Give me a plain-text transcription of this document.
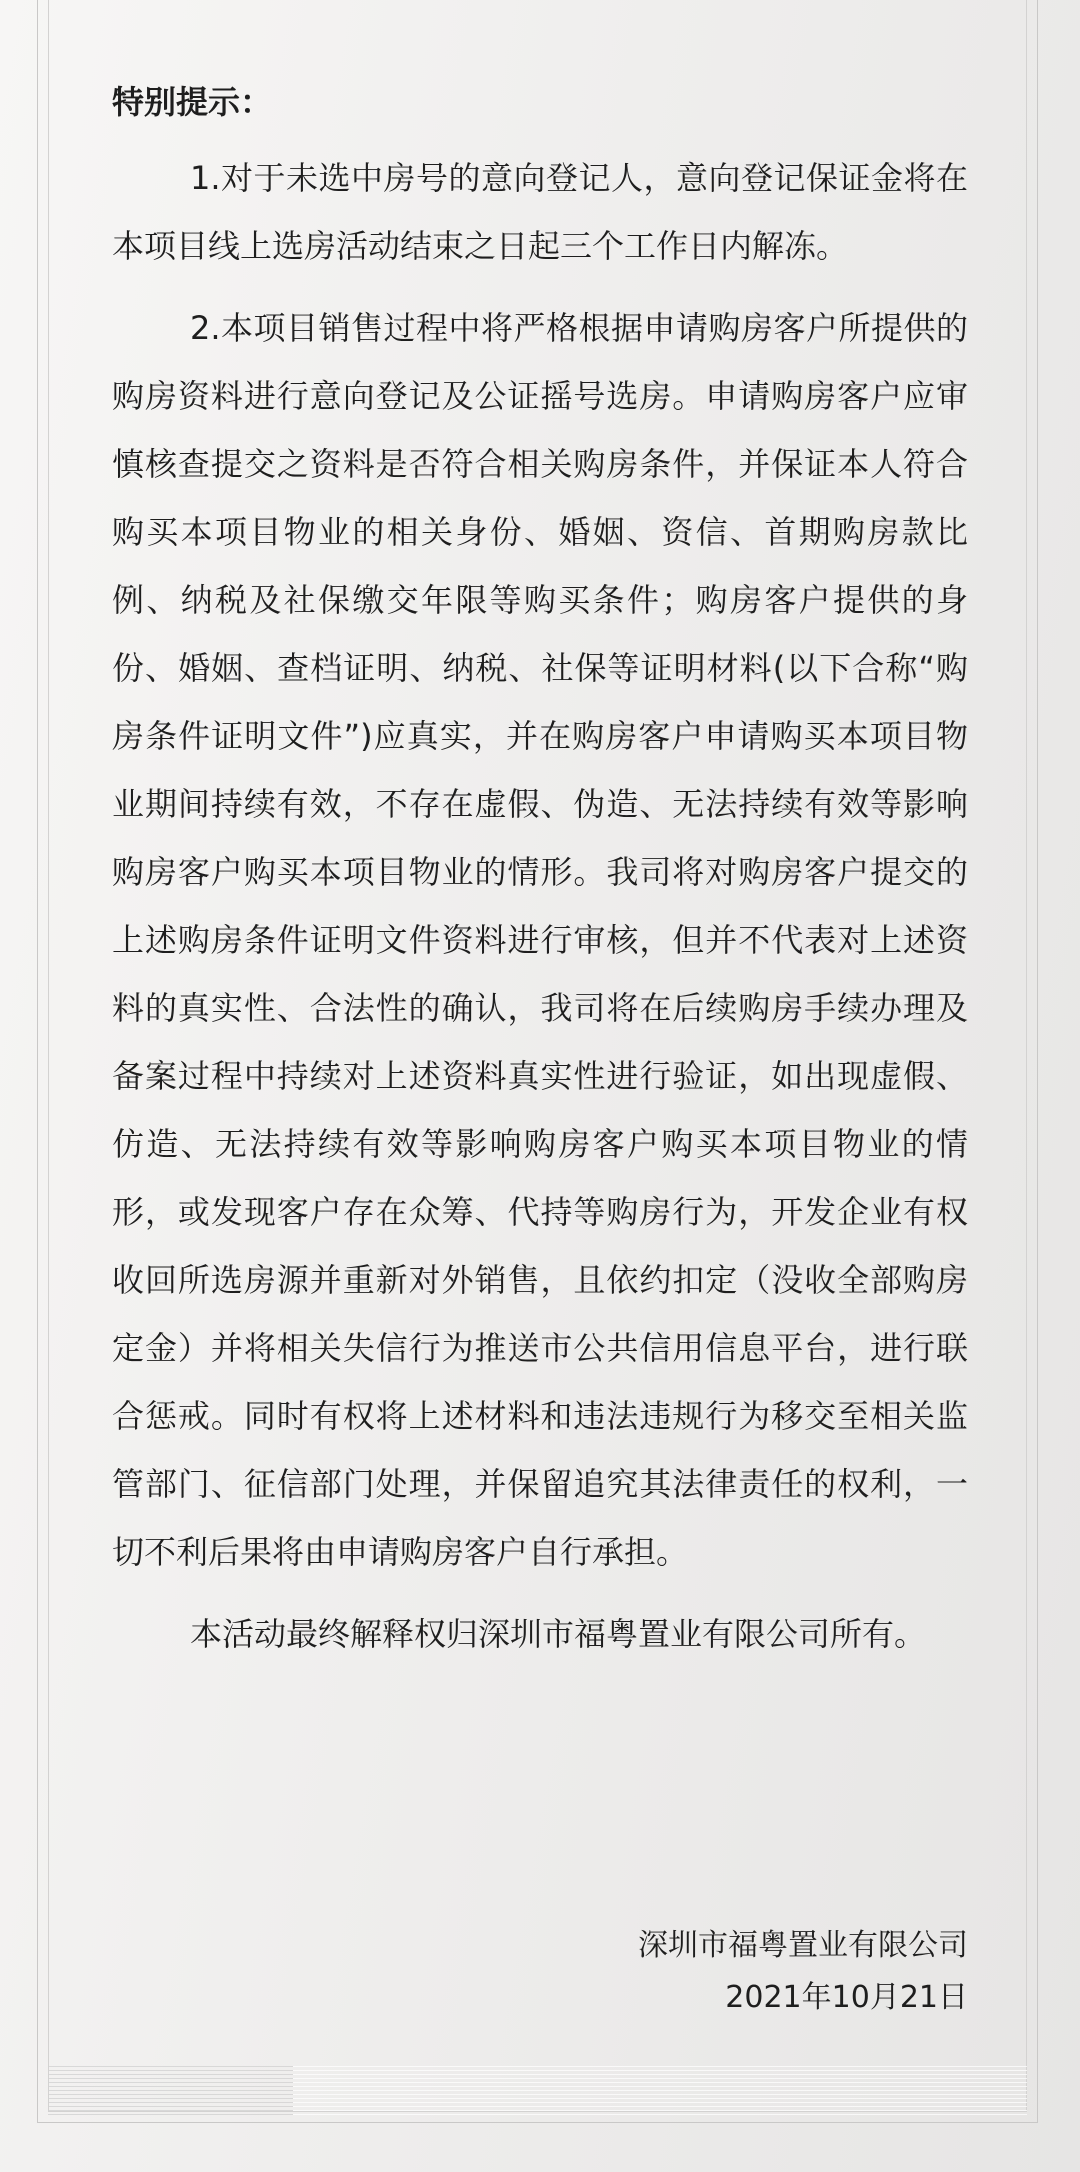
特别提示：

1.对于未选中房号的意向登记人，意向登记保证金将在本项目线上选房活动结束之日起三个工作日内解冻。

2.本项目销售过程中将严格根据申请购房客户所提供的购房资料进行意向登记及公证摇号选房。申请购房客户应审慎核查提交之资料是否符合相关购房条件，并保证本人符合购买本项目物业的相关身份、婚姻、资信、首期购房款比例、纳税及社保缴交年限等购买条件；购房客户提供的身份、婚姻、查档证明、纳税、社保等证明材料(以下合称“购房条件证明文件”)应真实，并在购房客户申请购买本项目物业期间持续有效，不存在虚假、伪造、无法持续有效等影响购房客户购买本项目物业的情形。我司将对购房客户提交的上述购房条件证明文件资料进行审核，但并不代表对上述资料的真实性、合法性的确认，我司将在后续购房手续办理及备案过程中持续对上述资料真实性进行验证，如出现虚假、仿造、无法持续有效等影响购房客户购买本项目物业的情形，或发现客户存在众筹、代持等购房行为，开发企业有权收回所选房源并重新对外销售，且依约扣定（没收全部购房定金）并将相关失信行为推送市公共信用信息平台，进行联合惩戒。同时有权将上述材料和违法违规行为移交至相关监管部门、征信部门处理，并保留追究其法律责任的权利，一切不利后果将由申请购房客户自行承担。

本活动最终解释权归深圳市福粤置业有限公司所有。

深圳市福粤置业有限公司
2021年10月21日
